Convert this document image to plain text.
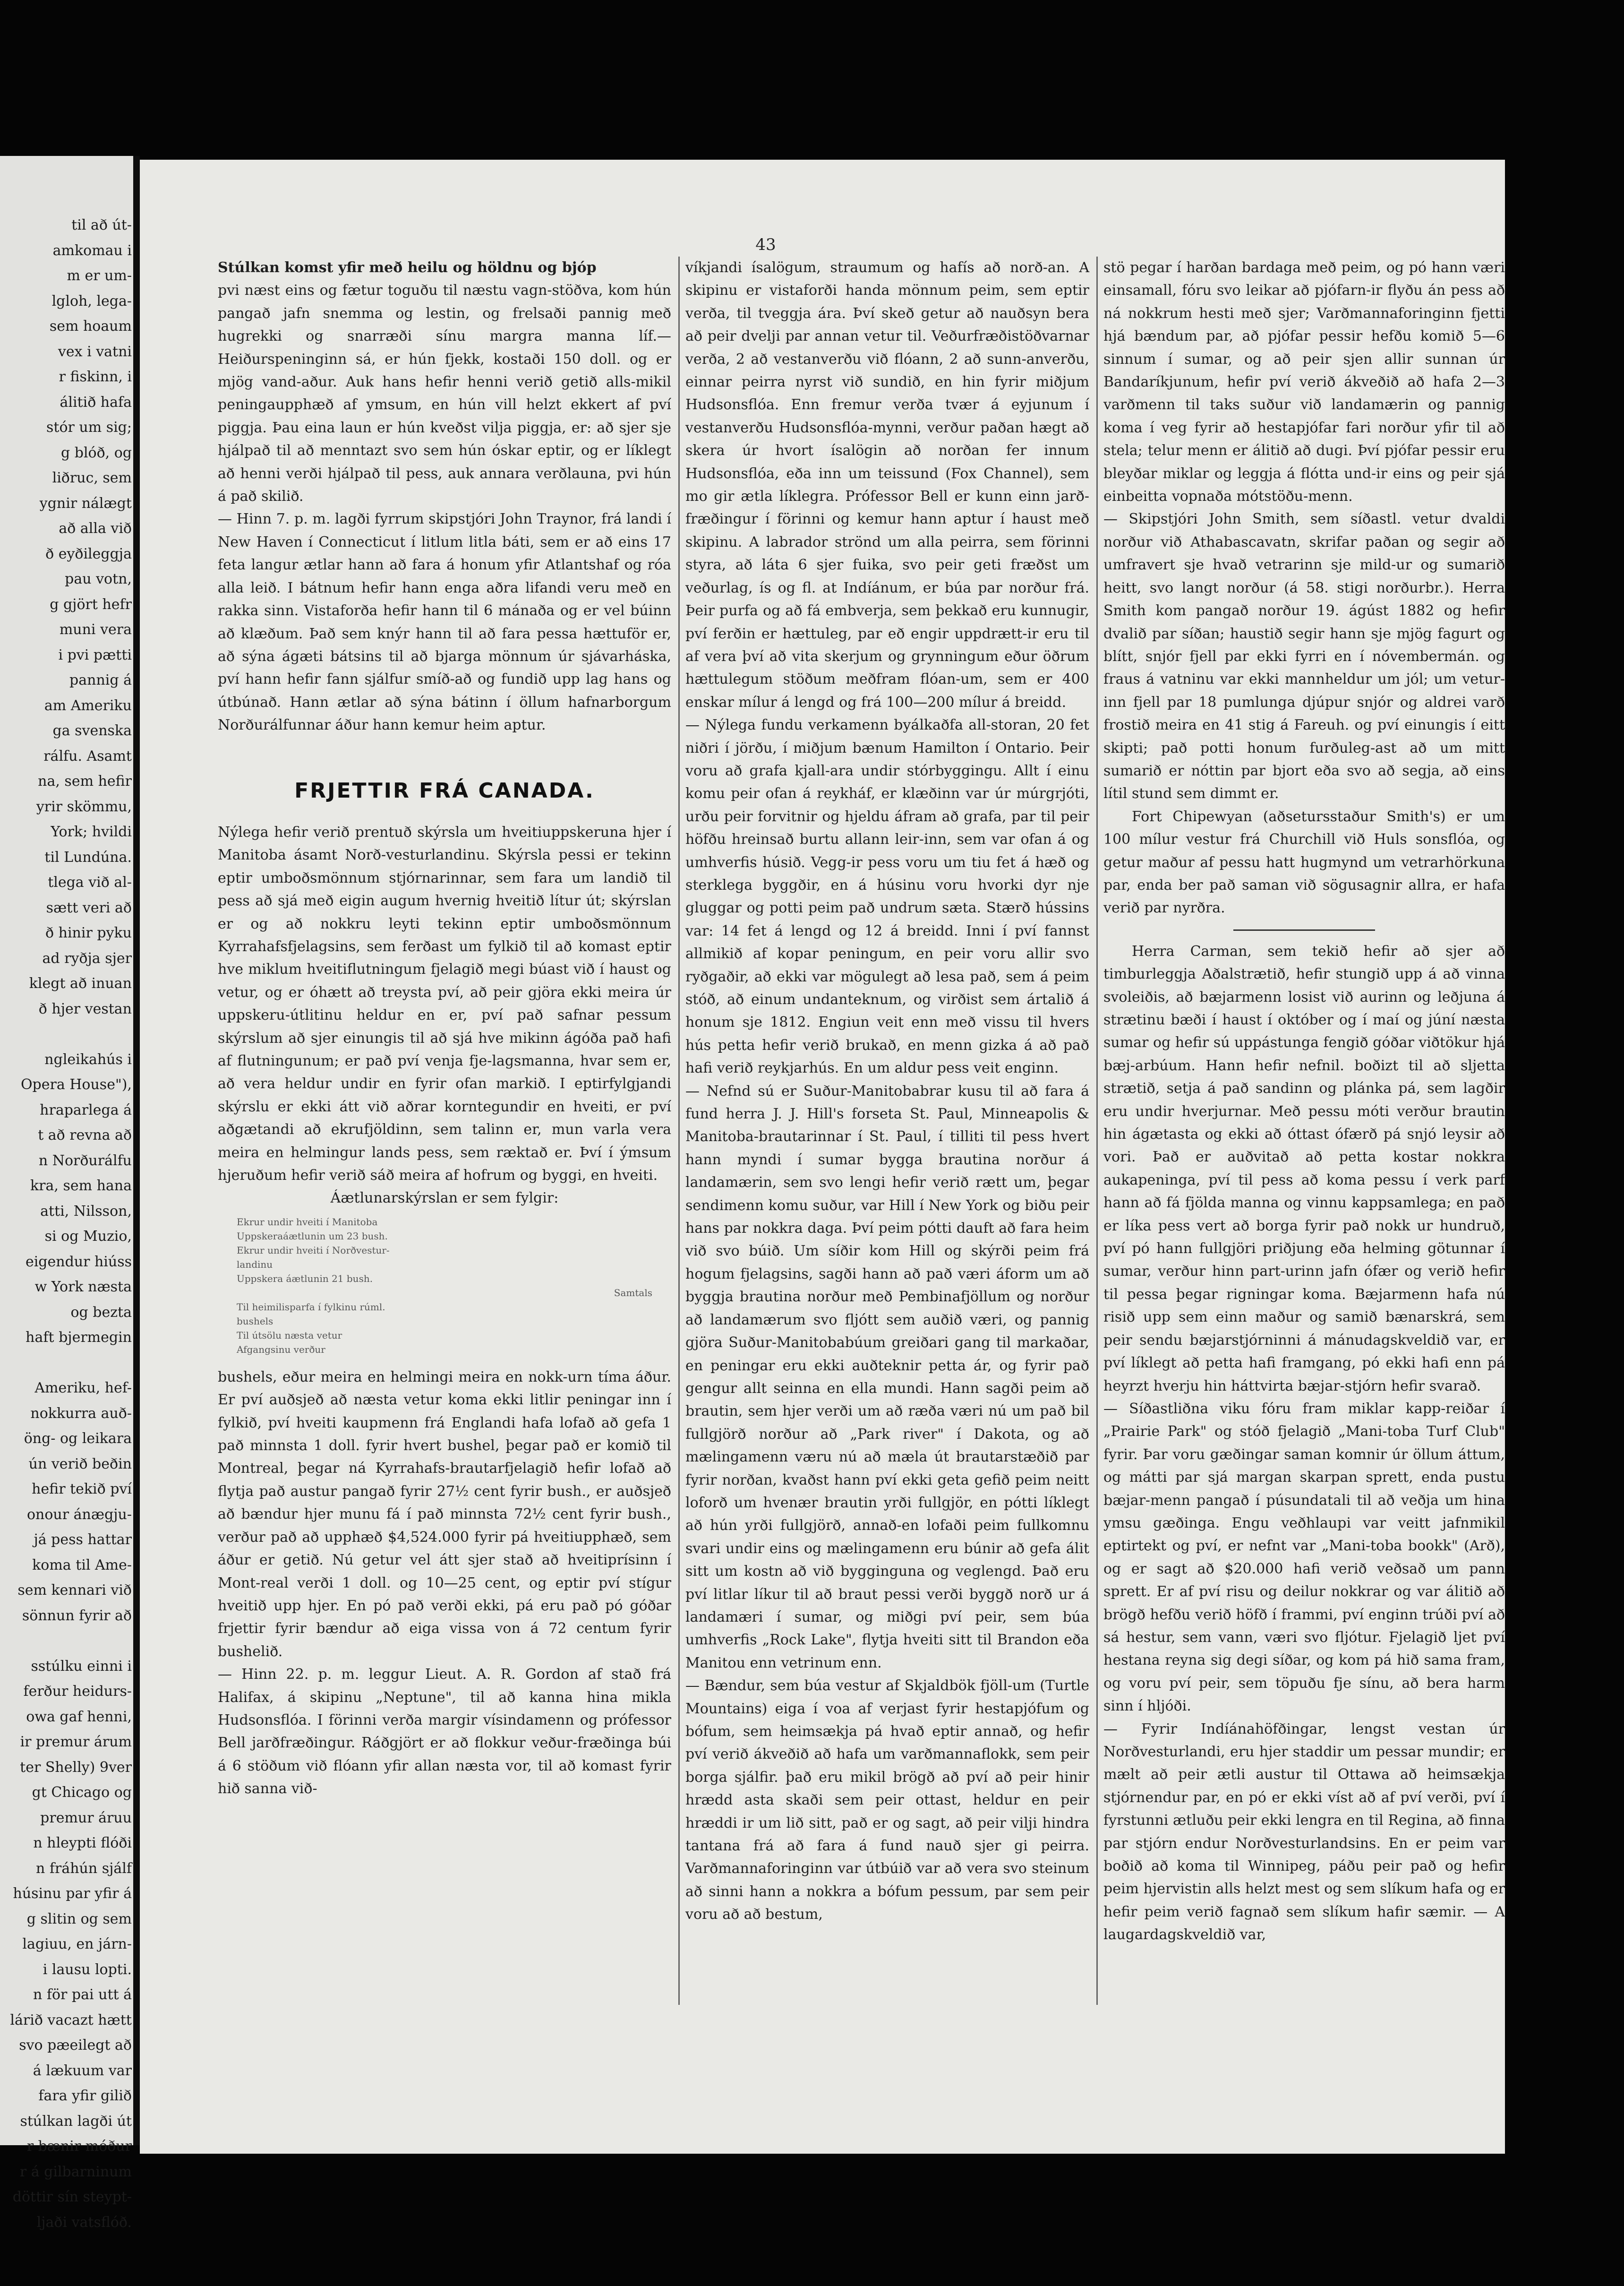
til að út-
amkomau i
m er um-
lgloh, lega-
sem hoaum
vex i vatni
r fiskinn, i
álitið hafa
stór um sig;
g blóð, og
liðruc, sem
ygnir nálægt
að alla við
ð eyðileggja
pau votn,
g gjört hefr
muni vera
i pvi pætti
pannig á
am Ameriku
ga svenska
rálfu. Asamt
na, sem hefir
yrir skömmu,
York; hvildi
til Lundúna.
tlega við al-
sætt veri að
ð hinir pyku
ad ryðja sjer
klegt að inuan
ð hjer vestan

ngleikahús i
Opera House"),
hraparlega á
t að revna að
n Norðurálfu
kra, sem hana
atti, Nilsson,
si og Muzio,
eigendur hiúss
w York næsta
og bezta
haft bjermegin

Ameriku, hef-
nokkurra auð-
öng- og leikara
ún verið beðin
hefir tekið pví
onour ánægju-
já pess hattar
koma til Ame-
sem kennari við
sönnun fyrir að

sstúlku einni i
ferður heidurs-
owa gaf henni,
ir premur árum
ter Shelly) 9ver
gt Chicago og
premur áruu
n hleypti flóði
n fráhún sjálf
húsinu par yfir á
g slitin og sem
lagiuu, en járn-
i lausu lopti.
n för pai utt á
lárið vacazt hætt
svo pæeilegt að
á lækuum var
fara yfir gilið
stúlkan lagði út
r bænir móður
r á gilbarninum
döttir sín steypt-
ljaði vatsflóð.
43

Stúlkan komst yfir með heilu og höldnu og bjóp

pvi næst eins og fætur toguðu til næstu vagn-stöðva, kom hún pangað jafn snemma og lestin, og frelsaði pannig með hugrekki og snarræði sínu margra manna líf.—Heiðurspeninginn sá, er hún fjekk, kostaði 150 doll. og er mjög vand-aður. Auk hans hefir henni verið getið alls-mikil peningaupphæð af ymsum, en hún vill helzt ekkert af pví piggja. Þau eina laun er hún kveðst vilja piggja, er: að sjer sje hjálpað til að menntazt svo sem hún óskar eptir, og er líklegt að henni verði hjálpað til pess, auk annara verðlauna, pvi hún á pað skilið.

— Hinn 7. p. m. lagði fyrrum skipstjóri John Traynor, frá landi í New Haven í Connecticut í litlum litla báti, sem er að eins 17 feta langur ætlar hann að fara á honum yfir Atlantshaf og róa alla leið. I bátnum hefir hann enga aðra lifandi veru með en rakka sinn. Vistaforða hefir hann til 6 mánaða og er vel búinn að klæðum. Það sem knýr hann til að fara pessa hættuför er, að sýna ágæti bátsins til að bjarga mönnum úr sjávarháska, pví hann hefir fann sjálfur smíð-að og fundið upp lag hans og útbúnað. Hann ætlar að sýna bátinn í öllum hafnarborgum Norðurálfunnar áður hann kemur heim aptur.

FRJETTIR FRÁ CANADA.

Nýlega hefir verið prentuð skýrsla um hveitiuppskeruna hjer í Manitoba ásamt Norð-vesturlandinu. Skýrsla pessi er tekinn eptir umboðsmönnum stjórnarinnar, sem fara um landið til pess að sjá með eigin augum hvernig hveitið lítur út; skýrslan er og að nokkru leyti tekinn eptir umboðsmönnum Kyrrahafsfjelagsins, sem ferðast um fylkið til að komast eptir hve miklum hveitiflutningum fjelagið megi búast við í haust og vetur, og er óhætt að treysta pví, að peir gjöra ekki meira úr uppskeru-útlitinu heldur en er, pví pað safnar pessum skýrslum að sjer einungis til að sjá hve mikinn ágóða pað hafi af flutningunum; er pað pví venja fje-lagsmanna, hvar sem er, að vera heldur undir en fyrir ofan markið. I eptirfylgjandi skýrslu er ekki átt við aðrar korntegundir en hveiti, er pví aðgætandi að ekrufjöldinn, sem talinn er, mun varla vera meira en helmingur lands pess, sem ræktað er. Því í ýmsum hjeruðum hefir verið sáð meira af hofrum og byggi, en hveiti.

Áætlunarskýrslan er sem fylgir:

Ekrur undir hveiti í Manitoba
Uppskeraáætlunin um 23 bush.
Ekrur undir hveiti í Norðvestur-
landinu
Uppskera áætlunin 21 bush.
Samtals
Til heimilisparfa í fylkinu rúml.
bushels
Til útsölu næsta vetur
Afgangsinu verður

bushels, eður meira en helmingi meira en nokk-urn tíma áður. Er pví auðsjeð að næsta vetur koma ekki litlir peningar inn í fylkið, pví hveiti kaupmenn frá Englandi hafa lofað að gefa 1 pað minnsta 1 doll. fyrir hvert bushel, þegar pað er komið til Montreal, þegar ná Kyrrahafs-brautarfjelagið hefir lofað að flytja pað austur pangað fyrir 27½ cent fyrir bush., er auðsjeð að bændur hjer munu fá í pað minnsta 72½ cent fyrir bush., verður pað að upphæð $4,524.000 fyrir pá hveitiupphæð, sem áður er getið. Nú getur vel átt sjer stað að hveitiprísinn í Mont-real verði 1 doll. og 10—25 cent, og eptir pví stígur hveitið upp hjer. En pó pað verði ekki, pá eru pað pó góðar frjettir fyrir bændur að eiga vissa von á 72 centum fyrir bushelið.

— Hinn 22. p. m. leggur Lieut. A. R. Gordon af stað frá Halifax, á skipinu „Neptune", til að kanna hina mikla Hudsonsflóa. I förinni verða margir vísindamenn og prófessor Bell jarðfræðingur. Ráðgjört er að flokkur veður-fræðinga búi á 6 stöðum við flóann yfir allan næsta vor, til að komast fyrir hið sanna við-

víkjandi ísalögum, straumum og hafís að norð-an. A skipinu er vistaforði handa mönnum peim, sem eptir verða, til tveggja ára. Því skeð getur að nauðsyn bera að peir dvelji par annan vetur til. Veðurfræðistöðvarnar verða, 2 að vestanverðu við flóann, 2 að sunn-anverðu, einnar peirra nyrst við sundið, en hin fyrir miðjum Hudsonsflóa. Enn fremur verða tvær á eyjunum í vestanverðu Hudsonsflóa-mynni, verður paðan hægt að skera úr hvort ísalögin að norðan fer innum Hudsonsflóa, eða inn um teissund (Fox Channel), sem mo gir ætla líklegra. Prófessor Bell er kunn einn jarð-fræðingur í förinni og kemur hann aptur í haust með skipinu. A labrador strönd um alla peirra, sem förinni styra, að láta 6 sjer fuika, svo peir geti fræðst um veðurlag, ís og fl. at Indíánum, er búa par norður frá. Þeir purfa og að fá embverja, sem þekkað eru kunnugir, pví ferðin er hættuleg, par eð engir uppdrætt-ir eru til af vera því að vita skerjum og grynningum eður öðrum hættulegum stöðum meðfram flóan-um, sem er 400 enskar mílur á lengd og frá 100—200 mílur á breidd.

— Nýlega fundu verkamenn byálkaðfa all-storan, 20 fet niðri í jörðu, í miðjum bænum Hamilton í Ontario. Þeir voru að grafa kjall-ara undir stórbyggingu. Allt í einu komu peir ofan á reykháf, er klæðinn var úr múrgrjóti, urðu peir forvitnir og hjeldu áfram að grafa, par til peir höfðu hreinsað burtu allann leir-inn, sem var ofan á og umhverfis húsið. Vegg-ir pess voru um tiu fet á hæð og sterklega byggðir, en á húsinu voru hvorki dyr nje gluggar og potti peim pað undrum sæta. Stærð hússins var: 14 fet á lengd og 12 á breidd. Inni í pví fannst allmikið af kopar peningum, en peir voru allir svo ryðgaðir, að ekki var mögulegt að lesa pað, sem á peim stóð, að einum undanteknum, og virðist sem ártalið á honum sje 1812. Engiun veit enn með vissu til hvers hús petta hefir verið brukað, en menn gizka á að pað hafi verið reykjarhús. En um aldur pess veit enginn.

— Nefnd sú er Suður-Manitobabrar kusu til að fara á fund herra J. J. Hill's forseta St. Paul, Minneapolis & Manitoba-brautarinnar í St. Paul, í tilliti til pess hvert hann myndi í sumar bygga brautina norður á landamærin, sem svo lengi hefir verið rætt um, þegar sendimenn komu suður, var Hill í New York og biðu peir hans par nokkra daga. Því peim pótti dauft að fara heim við svo búið. Um síðir kom Hill og skýrði peim frá hogum fjelagsins, sagði hann að pað væri áform um að byggja brautina norður með Pembinafjöllum og norður að landamærum svo fljótt sem auðið væri, og pannig gjöra Suður-Manitobabúum greiðari gang til markaðar, en peningar eru ekki auðteknir petta ár, og fyrir pað gengur allt seinna en ella mundi. Hann sagði peim að brautin, sem hjer verði um að ræða væri nú um pað bil fullgjörð norður að „Park river" í Dakota, og að mælingamenn væru nú að mæla út brautarstæðið par fyrir norðan, kvaðst hann pví ekki geta gefið peim neitt loforð um hvenær brautin yrði fullgjör, en pótti líklegt að hún yrði fullgjörð, annað-en lofaði peim fullkomnu svari undir eins og mælingamenn eru búnir að gefa álit sitt um kostn að við bygginguna og veglengd. Það eru pví litlar líkur til að braut pessi verði byggð norð ur á landamæri í sumar, og miðgi pví peir, sem búa umhverfis „Rock Lake", flytja hveiti sitt til Brandon eða Manitou enn vetrinum enn.

— Bændur, sem búa vestur af Skjaldbök fjöll-um (Turtle Mountains) eiga í voa af verjast fyrir hestapjófum og bófum, sem heimsækja pá hvað eptir annað, og hefir pví verið ákveðið að hafa um varðmannaflokk, sem peir borga sjálfir. það eru mikil brögð að pví að peir hinir hrædd asta skaði sem peir ottast, heldur en peir hræddi ir um lið sitt, pað er og sagt, að peir vilji hindra tantana frá að fara á fund nauð sjer gi peirra. Varðmannaforinginn var útbúið var að vera svo steinum að sinni hann a nokkra a bófum pessum, par sem peir voru að að bestum,

stö pegar í harðan bardaga með peim, og pó hann væri einsamall, fóru svo leikar að pjófarn-ir flyðu án pess að ná nokkrum hesti með sjer; Varðmannaforinginn fjetti hjá bændum par, að pjófar pessir hefðu komið 5—6 sinnum í sumar, og að peir sjen allir sunnan úr Bandaríkjunum, hefir pví verið ákveðið að hafa 2—3 varðmenn til taks suður við landamærin og pannig koma í veg fyrir að hestapjófar fari norður yfir til að stela; telur menn er álitið að dugi. Því pjófar pessir eru bleyðar miklar og leggja á flótta und-ir eins og peir sjá einbeitta vopnaða mótstöðu-menn.

— Skipstjóri John Smith, sem síðastl. vetur dvaldi norður við Athabascavatn, skrifar paðan og segir að umfravert sje hvað vetrarinn sje mild-ur og sumarið heitt, svo langt norður (á 58. stigi norðurbr.). Herra Smith kom pangað norður 19. ágúst 1882 og hefir dvalið par síðan; haustið segir hann sje mjög fagurt og blítt, snjór fjell par ekki fyrri en í nóvembermán. og fraus á vatninu var ekki mannheldur um jól; um vetur-inn fjell par 18 pumlunga djúpur snjór og aldrei varð frostið meira en 41 stig á Fareuh. og pví einungis í eitt skipti; pað potti honum furðuleg-ast að um mitt sumarið er nóttin par bjort eða svo að segja, að eins lítil stund sem dimmt er.

Fort Chipewyan (aðsetursstaður Smith's) er um 100 mílur vestur frá Churchill við Huls sonsflóa, og getur maður af pessu hatt hugmynd um vetrarhörkuna par, enda ber pað saman við sögusagnir allra, er hafa verið par nyrðra.

Herra Carman, sem tekið hefir að sjer að timburleggja Aðalstrætið, hefir stungið upp á að vinna svoleiðis, að bæjarmenn losist við aurinn og leðjuna á strætinu bæði í haust í október og í maí og júní næsta sumar og hefir sú uppástunga fengið góðar viðtökur hjá bæj-arbúum. Hann hefir nefnil. boðizt til að sljetta strætið, setja á pað sandinn og plánka pá, sem lagðir eru undir hverjurnar. Með pessu móti verður brautin hin ágætasta og ekki að óttast ófærð pá snjó leysir að vori. Það er auðvitað að petta kostar nokkra aukapeninga, pví til pess að koma pessu í verk parf hann að fá fjölda manna og vinnu kappsamlega; en pað er líka pess vert að borga fyrir pað nokk ur hundruð, pví pó hann fullgjöri priðjung eða helming götunnar í sumar, verður hinn part-urinn jafn ófær og verið hefir til pessa þegar rigningar koma. Bæjarmenn hafa nú risið upp sem einn maður og samið bænarskrá, sem peir sendu bæjarstjórninni á mánudagskveldið var, er pví líklegt að petta hafi framgang, pó ekki hafi enn pá heyrzt hverju hin háttvirta bæjar-stjórn hefir svarað.

— Síðastliðna viku fóru fram miklar kapp-reiðar í „Prairie Park" og stóð fjelagið „Mani-toba Turf Club" fyrir. Þar voru gæðingar saman komnir úr öllum áttum, og mátti par sjá margan skarpan sprett, enda pustu bæjar-menn pangað í púsundatali til að veðja um hina ymsu gæðinga. Engu veðhlaupi var veitt jafnmikil eptirtekt og pví, er nefnt var „Mani-toba bookk" (Arð), og er sagt að $20.000 hafi verið veðsað um pann sprett. Er af pví risu og deilur nokkrar og var álitið að brögð hefðu verið höfð í frammi, pví enginn trúði pví að sá hestur, sem vann, væri svo fljótur. Fjelagið ljet pví hestana reyna sig degi síðar, og kom pá hið sama fram, og voru pví peir, sem töpuðu fje sínu, að bera harm sinn í hljóði.

— Fyrir Indíánahöfðingar, lengst vestan úr Norðvesturlandi, eru hjer staddir um pessar mundir; er mælt að peir ætli austur til Ottawa að heimsækja stjórnendur par, en pó er ekki víst að af pví verði, pví í fyrstunni ætluðu peir ekki lengra en til Regina, að finna par stjórn endur Norðvesturlandsins. En er peim var boðið að koma til Winnipeg, páðu peir pað og hefir peim hjervistin alls helzt mest og sem slíkum hafa og er hefir peim verið fagnað sem slíkum hafir sæmir. — A laugardagskveldið var,
